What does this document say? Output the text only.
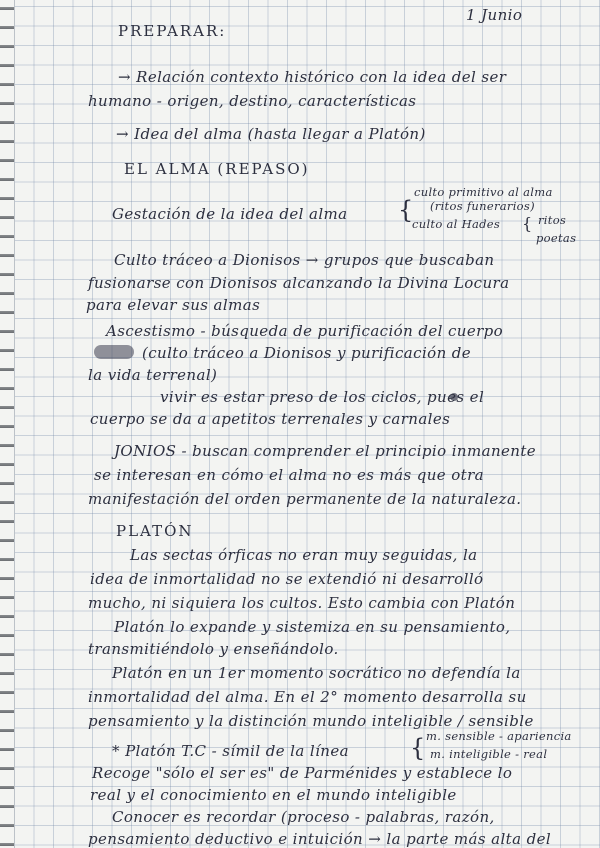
1 Junio
PREPARAR:
→ Relación contexto histórico con la idea del ser
humano - origen, destino, características
→ Idea del alma (hasta llegar a Platón)
EL ALMA (REPASO)
Gestación de la idea del alma {
culto primitivo al alma
(ritos funerarios)
culto al Hades { ritos
poetas
Culto tráceo a Dionisos → grupos que buscaban
fusionarse con Dionisos alcanzando la Divina Locura
para elevar sus almas
Ascestismo - búsqueda de purificación del cuerpo
(culto tráceo a Dionisos y purificación de
la vida terrenal)
vivir es estar preso de los ciclos, pues el
cuerpo se da a apetitos terrenales y carnales
JONIOS - buscan comprender el principio inmanente
se interesan en cómo el alma no es más que otra
manifestación del orden permanente de la naturaleza.
PLATÓN
Las sectas órficas no eran muy seguidas, la
idea de inmortalidad no se extendió ni desarrolló
mucho, ni siquiera los cultos. Esto cambia con Platón
Platón lo expande y sistemiza en su pensamiento,
transmitiéndolo y enseñándolo.
Platón en un 1er momento socrático no defendía la
inmortalidad del alma. En el 2° momento desarrolla su
pensamiento y la distinción mundo inteligible / sensible
* Platón T.C - símil de la línea	{ m. sensible - apariencia
m. inteligible - real
Recoge "sólo el ser es" de Parménides y establece lo
real y el conocimiento en el mundo inteligible
Conocer es recordar (proceso - palabras, razón,
pensamiento deductivo e intuición → la parte más alta del
